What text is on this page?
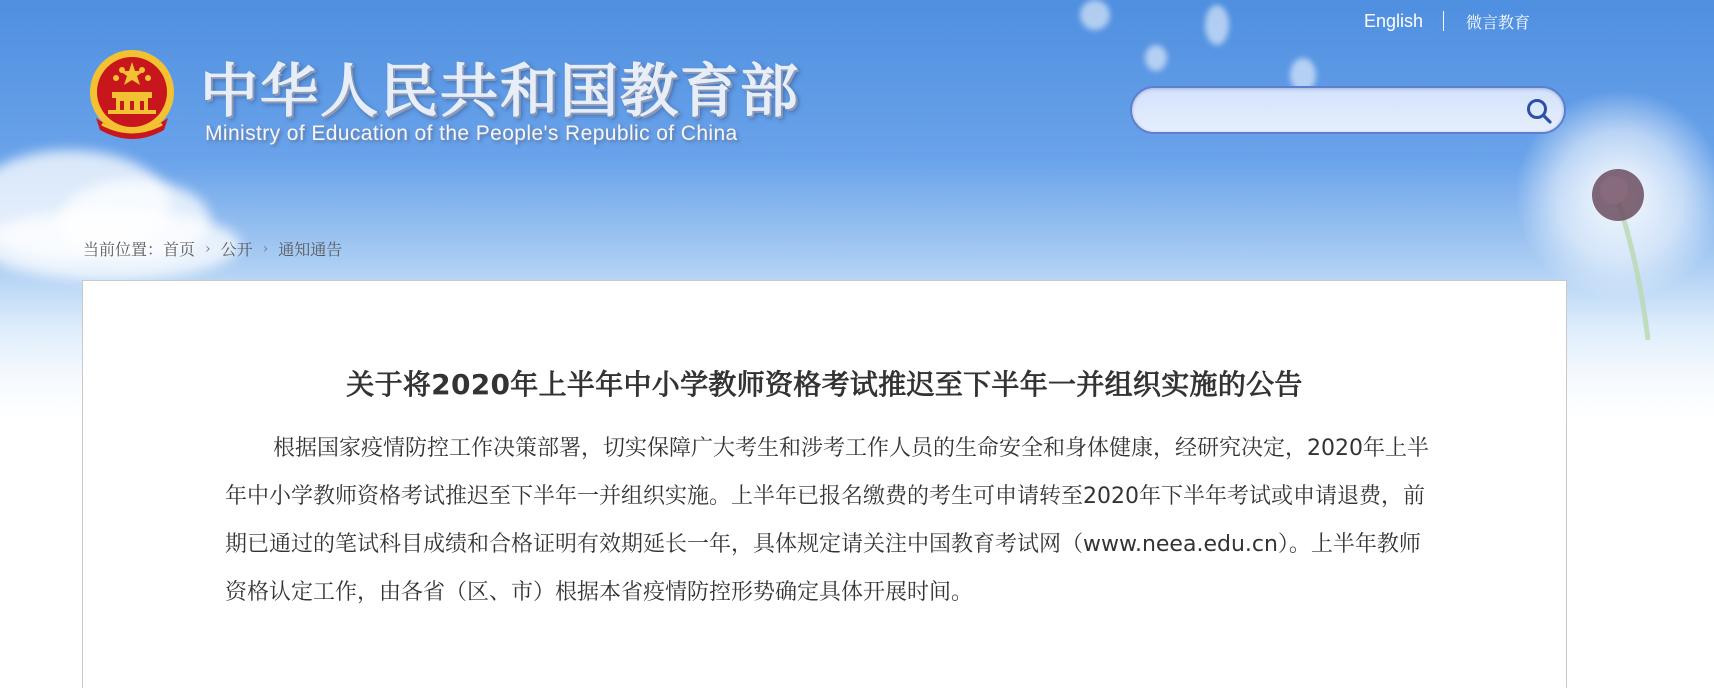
中华人民共和国教育部
Ministry of Education of the People's Republic of China
English	微言教育
当前位置： 首页 › 公开 › 通知通告
关于将2020年上半年中小学教师资格考试推迟至下半年一并组织实施的公告

根据国家疫情防控工作决策部署，切实保障广大考生和涉考工作人员的生命安全和身体健康，经研究决定，2020年上半年中小学教师资格考试推迟至下半年一并组织实施。上半年已报名缴费的考生可申请转至2020年下半年考试或申请退费，前期已通过的笔试科目成绩和合格证明有效期延长一年，具体规定请关注中国教育考试网（www.neea.edu.cn）。上半年教师资格认定工作，由各省（区、市）根据本省疫情防控形势确定具体开展时间。
